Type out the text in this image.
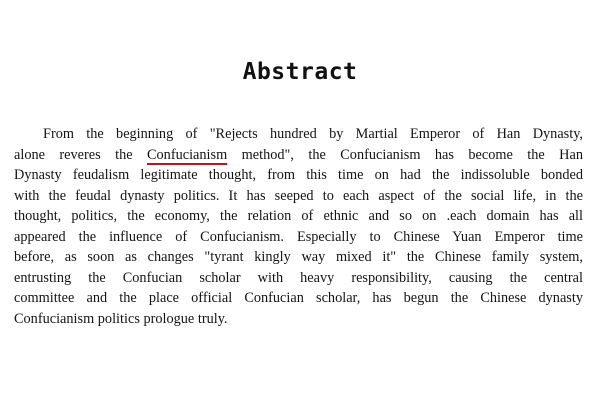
Abstract
From the beginning of "Rejects hundred by Martial Emperor of Han Dynasty,
alone reveres the Confucianism method", the Confucianism has become the Han
Dynasty feudalism legitimate thought, from this time on had the indissoluble bonded
with the feudal dynasty politics. It has seeped to each aspect of the social life, in the
thought, politics, the economy, the relation of ethnic and so on .each domain has all
appeared the influence of Confucianism. Especially to Chinese Yuan Emperor time
before, as soon as changes "tyrant kingly way mixed it" the Chinese family system,
entrusting the Confucian scholar with heavy responsibility, causing the central
committee and the place official Confucian scholar, has begun the Chinese dynasty
Confucianism politics prologue truly.
